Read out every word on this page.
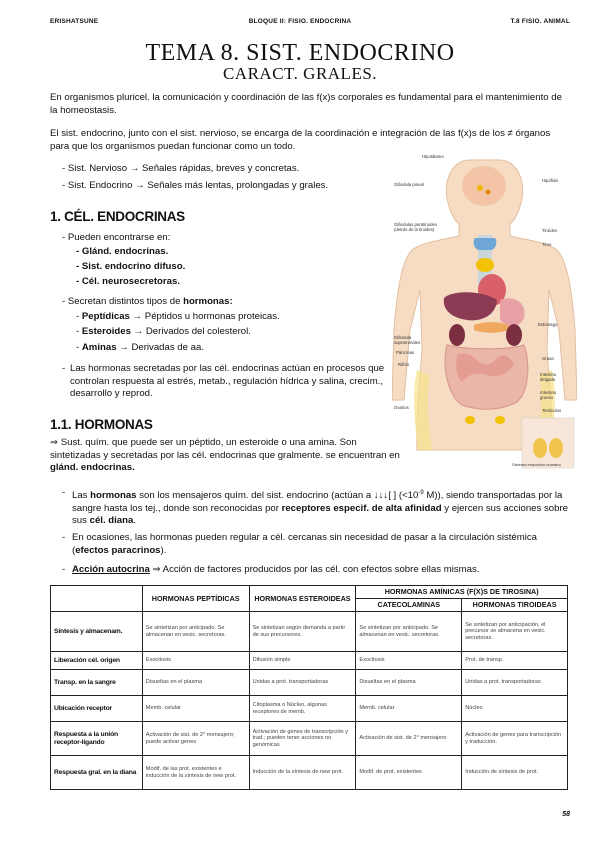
ERISHATSUNE	BLOQUE II: FISIO. ENDOCRINA	T.8 FISIO. ANIMAL
TEMA 8. SIST. ENDOCRINO
CARACT. GRALES.
En organismos pluricel. la comunicación y coordinación de las f(x)s corporales es fundamental para el mantenimiento de la homeostasis.
El sist. endocrino, junto con el sist. nervioso, se encarga de la coordinación e integración de las f(x)s de los ≠ órganos para que los organismos puedan funcionar como un todo.
- Sist. Nervioso → Señales rápidas, breves y concretas.
- Sist. Endocrino → Señales más lentas, prolongadas y grales.
1. CÉL. ENDOCRINAS
- Pueden encontrarse en:
- Glánd. endocrinas.
- Sist. endocrino difuso.
- Cél. neurosecretoras.
- Secretan distintos tipos de hormonas:
- Peptídicas → Péptidos u hormonas proteicas.
- Esteroides → Derivados del colesterol.
- Aminas → Derivadas de aa.
- Las hormonas secretadas por las cél. endocrinas actúan en procesos que controlan respuesta al estrés, metab., regulación hídrica y salina, crecim., desarrollo y reprod.
1.1. HORMONAS
⇒ Sust. quím. que puede ser un péptido, un esteroide o una amina. Son sintetizadas y secretadas por las cél. endocrinas que gralmente. se encuentran en glánd. endocrinas.
- Las hormonas son los mensajeros quím. del sist. endocrino (actúan a ↓↓↓[ ] ($<10^{-9}$ M)), siendo transportadas por la sangre hasta los tej., donde son reconocidas por receptores especif. de alta afinidad y ejercen sus acciones sobre sus cél. diana.
- En ocasiones, las hormonas pueden regular a cél. cercanas sin necesidad de pasar a la circulación sistémica (efectos paracrinos).
- Acción autocrina ⇒ Acción de factores producidos por las cél. con efectos sobre ellas mismas.
Hipotálamo
Glándula pineal
Hipófisis
Glándulas paratiroides (detrás de la tiroides)	Tiroides
Timo
Glándula suprarrenales
Páncreas
Riñón
Ovarios
Testículos
Estómago
Intestino delgado
Intestino grueso
Grasa
Sistema endocrino humano
	HORMONAS PEPTÍDICAS	HORMONAS ESTEROIDEAS	HORMONAS AMÍNICAS (F(X)S DE TIROSINA)	
			CATECOLAMINAS	HORMONAS TIROIDEAS
Síntesis y almacenam.	Se sintetizan por anticipado. Se almacenan en vesic. secretoras.	Se sintetizan según demanda a partir de sus precursores.	Se sintetizan por anticipado. Se almacenan en vesic. secretoras.	Se sintetizan por anticipación, el precursor se almacena en vesic. secretoras.
Liberación cél. origen	Exocitosis	Difusión simple	Exocitosis	Prot. de transp.
Transp. en la sangre	Disueltas en el plasma	Unidas a prot. transportadoras	Disueltas en el plasma	Unidas a prot. transportadoras
Ubicación receptor	Memb. celular	Citoplasma o Núcleo, algunas receptores de memb.	Memb. celular	Núcleo
Respuesta a la unión receptor-ligando	Activación de sist. de 2° mensajero; puede activar genes	Activación de genes de transcripción y trad.; pueden tener acciones no genómicas	Activación de sist. de 2° mensajero	Activación de genes para transcripción y traducción.
Respuesta gral. en la diana	Modif. de las prot. existentes e inducción de la síntesis de new prot.	Inducción de la síntesis de new prot.	Modif. de prot. existentes	Inducción de síntesis de prot.
58
